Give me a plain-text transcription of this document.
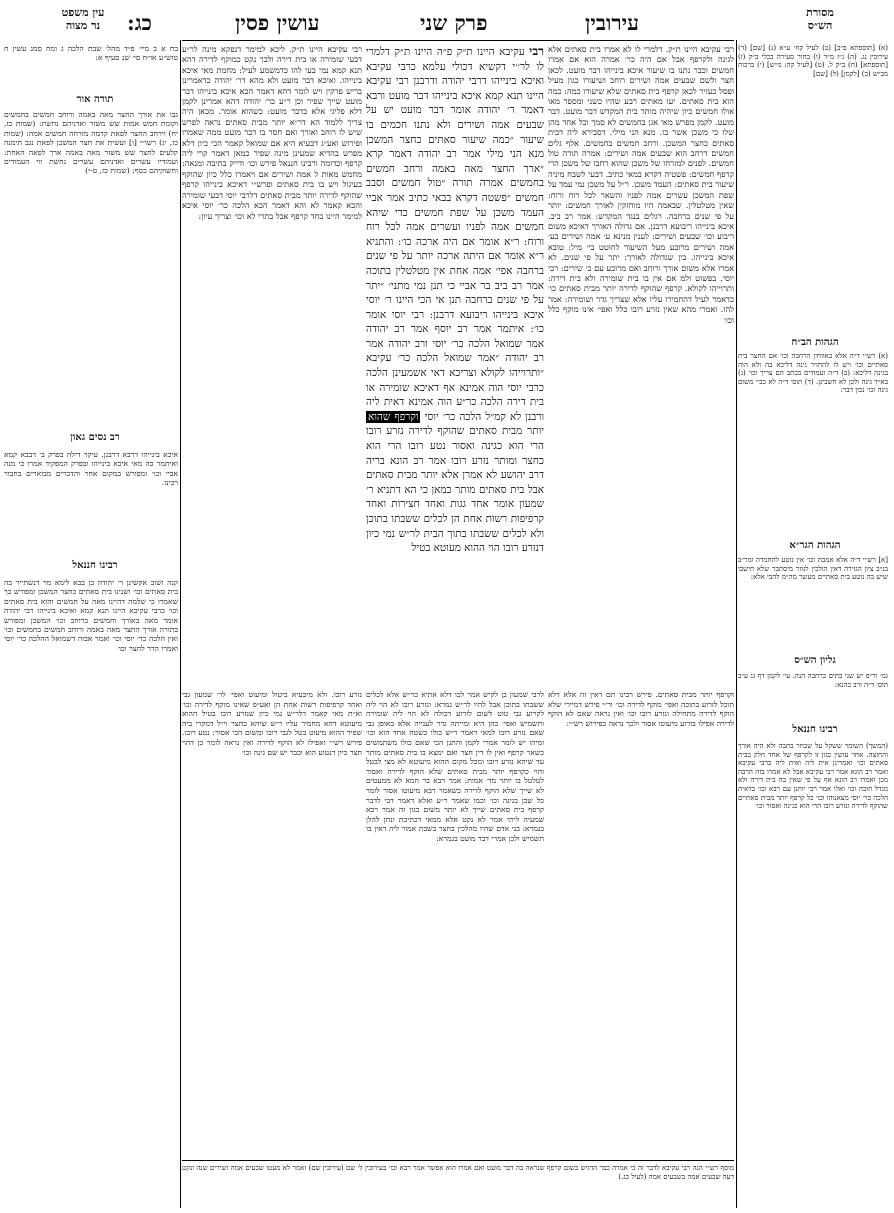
עין משפט
נר מצוה	כג:	עושין פסין	פרק שני	עירובין	מסורת
הש״ס
בח א ב מיי׳ פ״ד מהל׳ שבת הלכה ג ומח סמג עשין ח טוש״ע או״ח סי׳ שנ סעיף א:
תורה אור
גבו את אורך החצר מאה באמה ורוחב חמשים בחמשים וקומת חמש אמות שש משזר ואדניהם נחשת: (שמות כז, יח) וירחב החצר לפאת קדמה מזרחה חמשים אמה: (שמות כז, יג) רשו״י [ו] ועשית את חצר המשכן לפאת נגב תימנה קלעים לחצר שש משזר מאה באמה ארך לפאה האחת: ועמודיו עשרים ואדניהם עשרים נחשת ווי העמודים וחשוקיהם כסף: (שמות כז, ט-י)
רב נסים גאון
איכא בינייהו דרבא דרבנן. עיקר דילה בפרק ב׳ דבבא קמא ואיתמר בה מאי איכא בינייהו ובפרק המפקיד אמרו כי מנה אביי וכו׳ ומפורש במקום אחר והדברים מבוארים בחבור רבינו.
רבינו חננאל
קנה ושוב אקשינן ר׳ יהודה בן בבא לימא מר דנשתייר בה בית סאתים וכו׳ ושנינו בית סאתים כחצר המשכן ומפורש כך שאמרו כי שלמה דהיינו מאה על חמשים והוא בית סאתים וכו׳ כרבי עקיבא היינו תנא קמא ואיכא בינייהו רבי יהודה אומר מאה באורך וחמשים ברוחב וכו׳ המשכן ומפורש בתורה אורך החצר מאה באמה ורוחב חמשים בחמשים וכו׳ ואין הלכה כר׳ יוסי וכו׳ ואמר אבוה דשמואל ההלכה כר׳ יוסי ואמרו הדר לחצר וכו׳
(א) [תוספתא פ״ב] (ב) לעיל קח׳ ע״א (ג) [שם] (ד) עירובין נג. (ה) ג״ז מ״ד (ו) בחור סעירה בכלי ב״ק (ז) [תוספתא] (ח) ב״ק ל. (ט) [לעיל קה: מ״ש] (י) ברכות מב״ש (כ) [לקמן] (ל) [שם]
הגהות הב״ח
(א) רש״י ד״ה אלא באווחין הרחבה וכו׳ אם החצר בית סאתיים וכו׳ ויש לו להחזיר גינה דליכא בה ולא הוה בגינה דליכא: (ב) ד״ה ועמודים בכתב הם צריך וכו׳ (ג) בא״ד גינה ולכן לא חשבינן. (ד) תוס׳ ד״ה לא כבי׳ משום גינה וכו׳ נכון דבר:
הגהות הגר״א
[א] רש״י ד״ה אלא אמבת וכו׳ אין נוטע להחמדה ומר״ב בנ״ב ציון הגזירה דאין הולכין לגוזר מיסתבר שלא חישבו שיש בה נוטע בית סאתיים מעשר מה״מ להבי אלא:
גליון הש״ס
גמ׳ ור״פ יש שני בתים ברחבה הנה. עי׳ לקמן דף נג ע״ב תוס׳ ד״ה ורב כהנא:
רבינו חננאל
(המשך) השומר ששקל על שבחר בתבה ולא היה אורך והחוצה. אחר עושין כגון זו לקרפף של אחד חלק בבית סאתים וכו׳ ואמרינן אית ליה ואית ליה כרבי עקיבא ואמר רב הונא אמר רבי עקיבא אבל לא אמרו בזה הרבה מכן ואמרו רב הונא אף על פי שאין בה בית דירה ולא מגדל חובה וכו׳ ואלו אמר רבי יוחנן עם רבא וכו׳ בדאית הלכה כר׳ יוסי מצאנוהו וכו׳ כל קרפף יותר מבית סאתיים שהוקף לדירה ונזרע רובו הרי הוא כגינה ואסור וכו׳
רבי עקיבא היינו ת״ק. דלמרי לו לא אמרו בית סאתים אלא לגינה ולקרפף אבל אם היה כר׳ אמרה הוא אם אמרו חמשים וכבר נתנו בו שיעור איכא בינייהו דבר מועט. לכאן חצר ולשם שבעים אמה ושירים רוחב ושיעורו כגון מעיל ופסל כעזיר לכאן קרפף בית סאתים שלא שיעורו כמה: כמה הוא בית סאתים. יעו מאתים רבע שהיו כשני ומספר מאו אולו חמשים כיון שיהיה מותר בית המקדש דבר מועט. דבר מועט. לקמן מפרש מאי אגן בחמשים לא סמך וכל אחד מהן שלו כי משכן אשר בו. מנא הני מילי. דסבירא ליה דבית סאתים כחצר המשכן. ורחב חמשים בחמשים. אלף גלים חמשים דרחב הוא שבעים אמה ושירים: אמרה תורה טול חמשים. לפנים למזרחו של משכן שהוא רחבו של משכן הרי קרפף חמשים: פשטיה דקרא במאי כתיב. דבעי לשבח מיניה שיעור בית סאתים: העמד משכן. ר״ל על משכן נמי עמד על שפת המשכן עשרים אמה לפניו והשאר לכל רוח ורוח: שאין מטלטלין. שבאמה היו מוחזקין לאורך חמשים: יותר על פי שנים ברחבה. רגלים בנגד המקדש: אמר רב ביב. איכא בינייהו ריבועא דרבנן. אם גדולה האורך דאיכא משום ריבוע וכו׳ שבעים ושירים: לענין מנינא ע׳ אמה ושירים בע׳ אמה ושירים מרובע מעל השיעור לחוטט בי׳ מיל: טובא איכא בינייהו. בין שגדולה לאורך: יתר על פי שנים. לא אמרו אלא משום אורך ורוחב ואם מרובע עם ב׳ שירים: רבי יוסי. בפשוט ולמ אם אין בו בית שומירה ולא בית דירה: ותרוייהו לקולא. קרפף שהוקף לדירה יותר מבית סאתים כו׳ כדאמר לעיל דהחמירו עליו אלא שצריך גדר ושומירה: אמר להו. ואמרי מהא שאין נזרע רובו כלל ואפי׳ אינו מוקף כלל וכו׳
רבי עקיבא היינו ת״ק. ליכא למימר דנפקא מינה לר״ע דבעי שומירה או בית דירה ולכך נקט כמוקף לדירה דהא תנא קמא נמי בעי להו כדמשמע לעיל: מחמת מאי איכא בינייהו. ואיכא דבר מועט ולא מהא דר׳ יהודה כדאמרינן בריש פרקין ויש לומר דהא דאמר הכא איכא בינייהו דבר מועט שייך שפיר וכן ר״ע כר׳ יהודה דהא אמרינן לקמן דלא פליגי אלא בדבר מועט: כשהוא אומר. מכאן היה צריך ללמוד הא דר״א יותר מבית סאתים נראה לפרש שיש לו רוחב ואורך ואם חסר בו דבר מועט ממה שאמרו ופירוש ואע״ג דבעיא היא אם שמואל קאמר הכי כיון דלא מפרש בהדיא שמעינן מינה שפיר כמאן דאמר קרי ליה קרפף וכדומה ורבינו חננאל פירש וכו׳ ודייק בתיבה ומנאה: מחמש מאות ל אמה ושירים אם ויאמרו כלל כיון שהוקף בעיגול ויש בו בית סאתים ופרש״י דאיכא בינייהו קרפף שהוקף לדירה יותר מבית סאתים דלרבי יוסי דבעי שומירה והכא קאמר לא והא דאמר הכא הלכה כר׳ יוסי איכא למימר היינו בחד קרפף אבל בתרי לא וכו׳ וצריך עיון:
רבי עקיבא היינו ת״ק פ״ה היינו ת״ק דלמרי לו לר׳׳י דקשיא דכולי עלמא כרבי עקיבא ואיכא בינייהו דרבי יהודה ודרבנן רבי עקיבא היינו תנא קמא איכא בינייהו דבר מועט ורבא דאמר ר׳ יהודה אומר דבר מועט יש על שבעים אמה ושירים ולא נתנו חכמים בו שיעור ״כמה שיעור סאתים כחצר המשכן מנא הני מילי אמר רב יהודה דאמר קרא ״ארך החצר מאה באמה ורחב חמשים בחמשים אמרה תורה ״טול חמשים וסבב חמשים ״פשטה דקרא בבאי כתיב אמר אביי העמד משכן על שפת חמשים כדי שיהא חמשים אמה לפניו ועשרים אמה לכל רוח ורוח: ר״א אומר אם היה ארכה כו׳: והתניא ר״א אומר אם היתה ארכה יותר על פי שנים ברחבה אפי׳ אמה אחת אין מטלטלין בתוכה אמר רב ביב בר אביי כי תנן נמי מתני׳ ״יתר על פי שנים ברחבה תנן אי הכי היינו ר׳ יוסי איכא בינייהו ריבועא דרבנן: רבי יוסי אומר כו׳: איתמר אמר רב יוסף אמר רב יהודה אמר שמואל הלכה כר׳ יוסי ורב יהודה אמר רב יהודה ״אמר שמואל הלכה כר׳ עקיבא ״ותרוייהו לקולא וצריכא דאי אשמעינן הלכה כרבי יוסי הוה אמינא אף דאיכא שומירה או בית דירה הלכה כר״ע הוה אמינא דאית ליה ורבנן לא קמ״ל הלכה כר׳ יוסי וקרפף שהוא יותר מבית סאתים שהוקף לדירה נזרע רובו הרי הוא כגינה ואסור נטע רובו הרי הוא כחצר ומותר נזרע רובו אמר רב הונא בריה דרב יהושע לא אמרן אלא יותר מבית סאתים אבל בית סאתים מותר כמאן כי הא דתניא ר׳ שמעון אומר אחד גגות ואחד חצירות ואחד קרפיפות רשות אחת הן לכלים ששבתו בתוכן ולא לכלים ששבתו בתוך הבית לר״ש נמי כיון דנזרע רובו הוי ההוא מעוטא בטיל
וקרפף יותר מבית סאתים. פירש רבינו תם דאין זה אלא דלא תוכל לזרוע בתוכה ואפי׳ מוקף לדירה וכו׳ ור״י פירש דמיירי שלא הוקף לדירה מתחילה ונזרע רובו וכו׳ ואין נראה שאם לא הוקף לדירה אפילו בזרוע מיעוטו אסור ולכך נראה כפירוש רש״י:
נזרע רובו. ולא מיבעיא ביטול ומיעוט ואפי׳ לר׳ שמעון גבי ואחד קרפיפות רשות אחת הן ואע״פ שאינו מוקף לדירה וכו׳ וא״ת מאי קאמר דלר״ש נמי כיון שנזרע רובו בטיל ההוא מיעוטא דהא מחמיר עליו ר״ש שיהא כחצר וי״ל דמקרי ביה שפיר ההוא מיעוט בטל לגבי רובו ומשום הכי אסור: נטע רובו. פירש רש״י ואפילו לא הוקף לדירה ואין נראה לומר כן דהוי חצר כיון דנטוע הוא וכבר יש שם גינה וכו׳
לרבי שמעון בן לקיש אמר לכו דלא אתיא כר״ש אלא לכלים ששבתו בתוכן אבל להיו לר״ש גמרא: ונזרע רובו לא הוי ליה לקרוע גבי טוט לשום לזרוע דכולה לא הוי ליה שומירה ותשמיש ואפי׳ כהן היא ומייתה גדר לענייה אלא באופן גבי שאם נזרע רובו למאי דאמר ר״ש כולו כשטח אחד הוא וכו׳ ומיהו יש לומר אמרי לקמן והתנן הכי שאם כולו משתמשים כשאר קרפף ואין לו דין חצר ואם ימצא בו בית סאתים מותר עד שיהא נזרע רובו ומכל מקום ההוא מיעוטא לא מצי לבטל והוי כקרפף יותר מבית סאתים שלא הוקף לדירה ואסור לטלטל בו יותר מד׳ אמות: אמר רבא בר חמא לא ממעטים לא שייך שלא הוקף לדירה כשאמר רבא מיעוטו אסור לומר כל שכן בגינה וכו׳ וכמו שאמר ר״ע ואלא דאמר דבי לדבר קרפף בית סאתים שייך לא יותר משום כגון זה אמר רבא שמעיה ליתי אמר לא נקט אלא ממאי דכתיבת ונתן להלן בגמרא: בני אדם שהיו מהלכין בחצר בשבת אמור ליה דאין בו תשמיש ולכן אמרי דבר מועט בגמרא:
מוסף רש״י הנה רבי עקיבא לדבר זה כי אמרה כבר הדגיש בשום קרפף שנראה בה דבר מועט ואם אמרו הוא אפשר אמר רבא וכו׳ בעירובין ל׳ שם (עירובין שם) ואמר לא מעטו שבעים אמה ושירים שנה ונקט דעה שבעים אמה בשבעים אמה (לעיל כג.)
